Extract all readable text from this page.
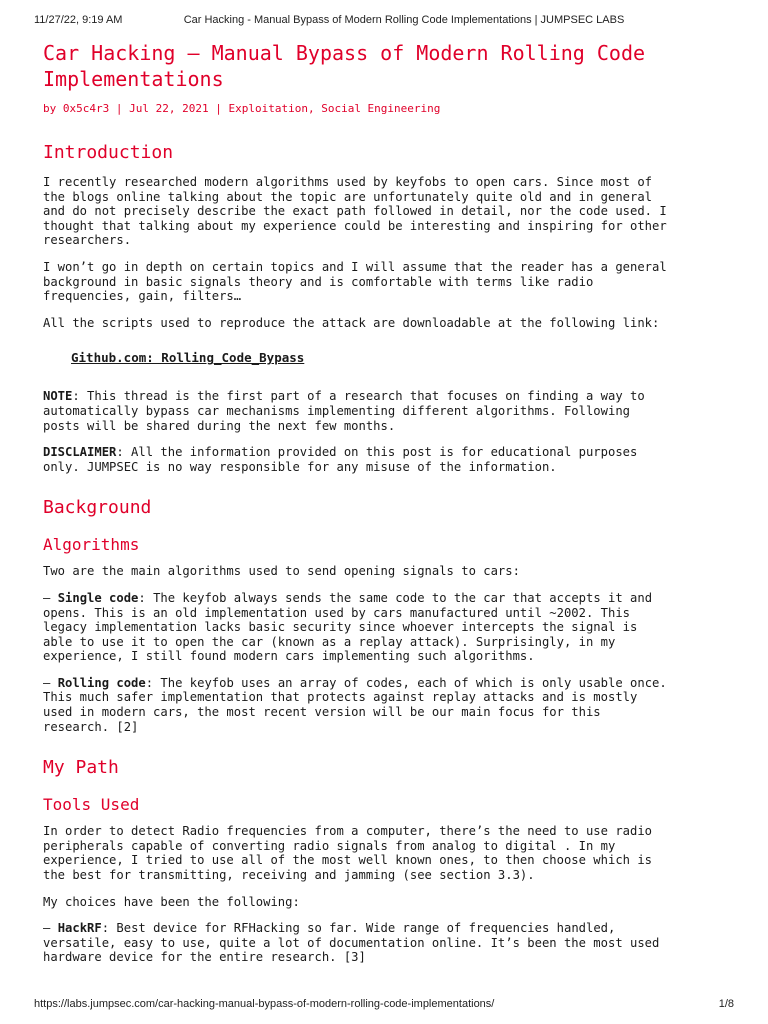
11/27/22, 9:19 AM	Car Hacking - Manual Bypass of Modern Rolling Code Implementations | JUMPSEC LABS
Car Hacking – Manual Bypass of Modern Rolling Code
Implementations
by 0x5c4r3 | Jul 22, 2021 | Exploitation, Social Engineering
Introduction

I recently researched modern algorithms used by keyfobs to open cars. Since most of
the blogs online talking about the topic are unfortunately quite old and in general
and do not precisely describe the exact path followed in detail, nor the code used. I
thought that talking about my experience could be interesting and inspiring for other
researchers.

I won’t go in depth on certain topics and I will assume that the reader has a general
background in basic signals theory and is comfortable with terms like radio
frequencies, gain, filters…

All the scripts used to reproduce the attack are downloadable at the following link:

Github.com: Rolling_Code_Bypass

NOTE: This thread is the first part of a research that focuses on finding a way to
automatically bypass car mechanisms implementing different algorithms. Following
posts will be shared during the next few months.

DISCLAIMER: All the information provided on this post is for educational purposes
only. JUMPSEC is no way responsible for any misuse of the information.

Background
Algorithms

Two are the main algorithms used to send opening signals to cars:

– Single code: The keyfob always sends the same code to the car that accepts it and
opens. This is an old implementation used by cars manufactured until ~2002. This
legacy implementation lacks basic security since whoever intercepts the signal is
able to use it to open the car (known as a replay attack). Surprisingly, in my
experience, I still found modern cars implementing such algorithms.

– Rolling code: The keyfob uses an array of codes, each of which is only usable once.
This much safer implementation that protects against replay attacks and is mostly
used in modern cars, the most recent version will be our main focus for this
research. [2]

My Path
Tools Used

In order to detect Radio frequencies from a computer, there’s the need to use radio
peripherals capable of converting radio signals from analog to digital . In my
experience, I tried to use all of the most well known ones, to then choose which is
the best for transmitting, receiving and jamming (see section 3.3).

My choices have been the following:

– HackRF: Best device for RFHacking so far. Wide range of frequencies handled,
versatile, easy to use, quite a lot of documentation online. It’s been the most used
hardware device for the entire research. [3]

https://labs.jumpsec.com/car-hacking-manual-bypass-of-modern-rolling-code-implementations/	1/8
